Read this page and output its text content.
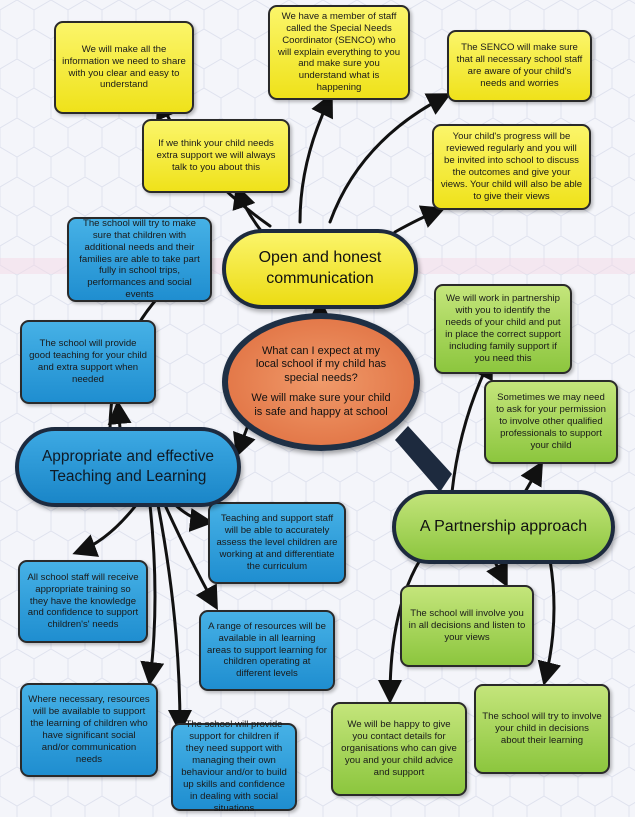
We will make all the information we need to share with you clear and easy to understand
We have a member of staff called the Special Needs Coordinator (SENCO) who will explain everything to you and make sure you understand what is happening
The SENCO will make sure that all necessary school staff are aware of your child's needs and worries
If we think your child needs extra support we will always talk to you about this
Your child's progress will be reviewed regularly and you will be invited into school to discuss the outcomes and give your views. Your child will also be able to give their views
The school will try to make sure that children with additional needs and their families are able to take part fully in school trips, performances and social events
The school will provide good teaching for your child and extra support when needed
Teaching and support staff will be able to accurately assess the level children are working at and differentiate the curriculum
All school staff will receive appropriate training so they have the knowledge and confidence to support children's' needs	A range of resources will be available in all learning areas to support learning for children operating at different levels
Where necessary, resources will be available to support the learning of children who have significant social and/or communication needs
The school will provide support for children if they need support with managing their own behaviour and/or to build up skills and confidence in dealing with social situations
We will work in partnership with you to identify the needs of your child and put in place the correct support including family support if you need this
Sometimes we may need to ask for your permission to involve other qualified professionals to support your child
The school will involve you in all decisions and listen to your views
We will be happy to give you contact details for organisations who can give you and your child advice and support
The school will try to involve your child in decisions about their learning
Open and honest communication
Appropriate and effective Teaching and Learning
A Partnership approach

What can I expect at my local school if my child has special needs?

We will make sure your child is safe and happy at school
